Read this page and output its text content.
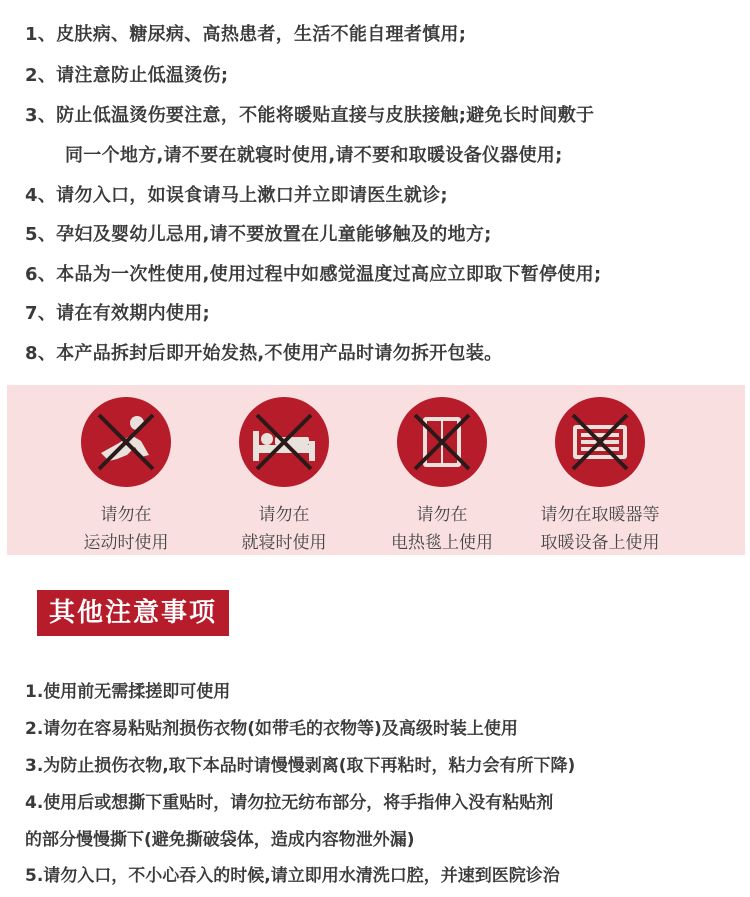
1、皮肤病、糖尿病、高热患者，生活不能自理者慎用;
2、请注意防止低温烫伤;
3、防止低温烫伤要注意，不能将暖贴直接与皮肤接触;避免长时间敷于
同一个地方,请不要在就寝时使用,请不要和取暖设备仪器使用;
4、请勿入口，如误食请马上漱口并立即请医生就诊;
5、孕妇及婴幼儿忌用,请不要放置在儿童能够触及的地方;
6、本品为一次性使用,使用过程中如感觉温度过高应立即取下暂停使用;
7、请在有效期内使用;
8、本产品拆封后即开始发热,不使用产品时请勿拆开包装。
请勿在
运动时使用
请勿在
就寝时使用
请勿在
电热毯上使用
请勿在取暖器等
取暖设备上使用
其他注意事项
1.使用前无需揉搓即可使用
2.请勿在容易粘贴剂损伤衣物(如带毛的衣物等)及高级时装上使用
3.为防止损伤衣物,取下本品时请慢慢剥离(取下再粘时，粘力会有所下降)
4.使用后或想撕下重贴时，请勿拉无纺布部分，将手指伸入没有粘贴剂
的部分慢慢撕下(避免撕破袋体，造成内容物泄外漏)
5.请勿入口，不小心吞入的时候,请立即用水清洗口腔，并速到医院诊治
